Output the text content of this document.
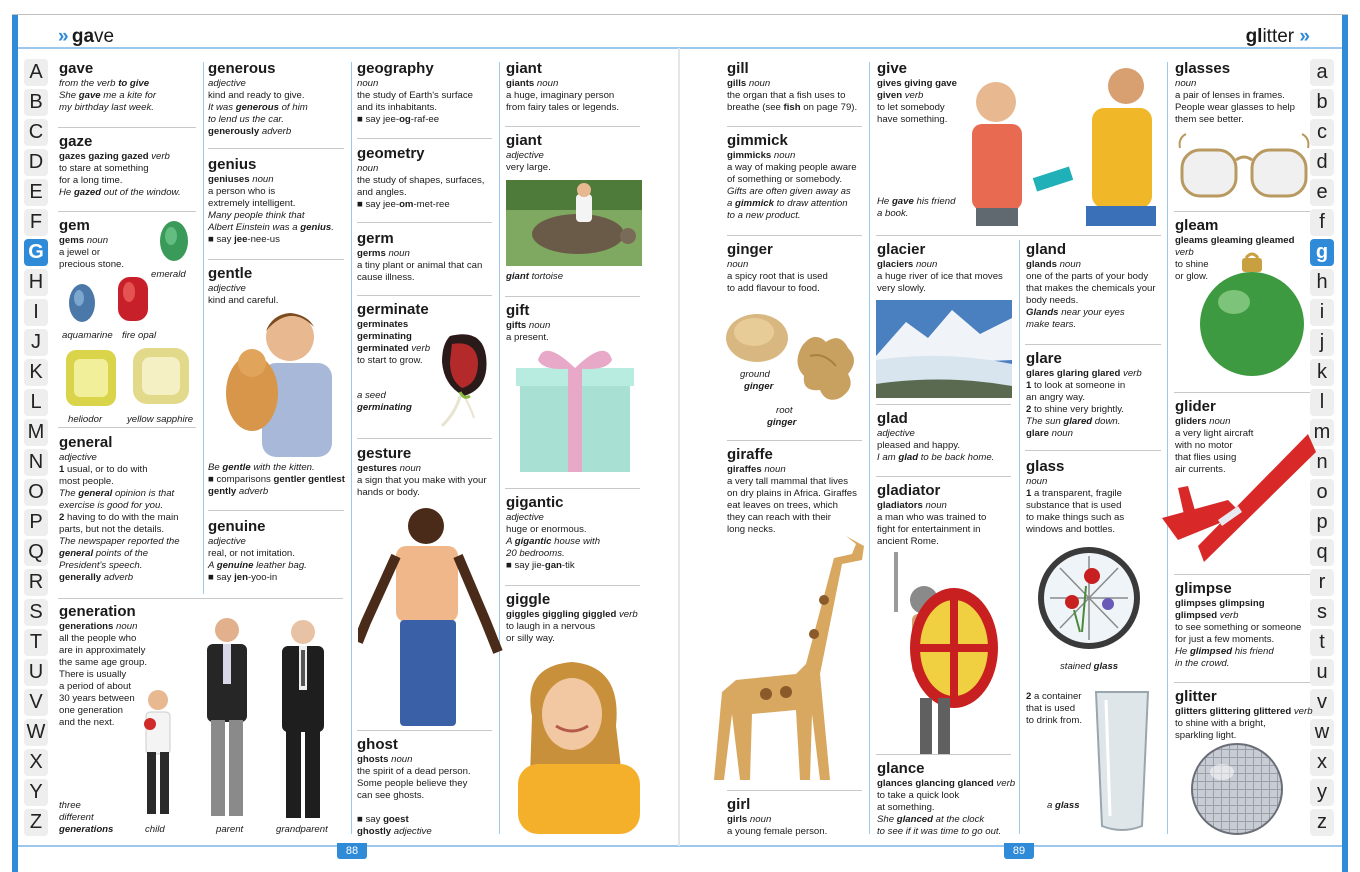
» gave	glitter »
A
B
C
D
E
F
G
H
I
J
K
L
M
N
O
P
Q
R
S
T
U
V
W
X
Y
Z
a
b
c
d
e
f
g
h
i
j
k
l
m
n
o
p
q
r
s
t
u
v
w
x
y
z
88	89
gave
from the verb to give
She gave me a kite for
my birthday last week.
gaze
gazes gazing gazed verb
to stare at something
for a long time.
He gazed out of the window.
gem
gems noun
a jewel or
precious stone.
emerald
aquamarine fire opal
heliodor	yellow sapphire
general
adjective
1 usual, or to do with
most people.
The general opinion is that
exercise is good for you.
2 having to do with the main
parts, but not the details.
The newspaper reported the
general points of the
President's speech.
generally adverb
generation
generations noun
all the people who
are in approximately
the same age group.
There is usually
a period of about
30 years between
one generation
and the next.
three
different
generations	child	parent	grandparent
generous
adjective
kind and ready to give.
It was generous of him
to lend us the car.
generously adverb
genius
geniuses noun
a person who is
extremely intelligent.
Many people think that
Albert Einstein was a genius.
■ say jee-nee-us
gentle
adjective
kind and careful.
Be gentle with the kitten.
■ comparisons gentler gentlest
gently adverb
genuine
adjective
real, or not imitation.
A genuine leather bag.
■ say jen-yoo-in
geography
noun
the study of Earth's surface
and its inhabitants.
■ say jee-og-raf-ee
geometry
noun
the study of shapes, surfaces,
and angles.
■ say jee-om-met-ree
germ
germs noun
a tiny plant or animal that can
cause illness.
germinate
germinates
germinating
germinated verb
to start to grow.
a seed
germinating
gesture
gestures noun
a sign that you make with your
hands or body.
ghost
ghosts noun
the spirit of a dead person.
Some people believe they
can see ghosts.

■ say goest
ghostly adjective
giant
giants noun
a huge, imaginary person
from fairy tales or legends.
giant
adjective
very large.
giant tortoise
gift
gifts noun
a present.
gigantic
adjective
huge or enormous.
A gigantic house with
20 bedrooms.
■ say jie-gan-tik
giggle
giggles giggling giggled verb
to laugh in a nervous
or silly way.
gill
gills noun
the organ that a fish uses to
breathe (see fish on page 79).
gimmick
gimmicks noun
a way of making people aware
of something or somebody.
Gifts are often given away as
a gimmick to draw attention
to a new product.
ginger
noun
a spicy root that is used
to add flavour to food.
ground
ginger
root
ginger
giraffe
giraffes noun
a very tall mammal that lives
on dry plains in Africa. Giraffes
eat leaves on trees, which
they can reach with their
long necks.
girl
girls noun
a young female person.
give
gives giving gave
given verb
to let somebody
have something.
He gave his friend
a book.
glacier
glaciers noun
a huge river of ice that moves
very slowly.
glad
adjective
pleased and happy.
I am glad to be back home.
gladiator
gladiators noun
a man who was trained to
fight for entertainment in
ancient Rome.
glance
glances glancing glanced verb
to take a quick look
at something.
She glanced at the clock
to see if it was time to go out.
gland
glands noun
one of the parts of your body
that makes the chemicals your
body needs.
Glands near your eyes
make tears.
glare
glares glaring glared verb
1 to look at someone in
an angry way.
2 to shine very brightly.
The sun glared down.
glare noun
glass
noun
1 a transparent, fragile
substance that is used
to make things such as
windows and bottles.
stained glass
2 a container
that is used
to drink from.
a glass
glasses
noun
a pair of lenses in frames.
People wear glasses to help
them see better.
gleam
gleams gleaming gleamed
verb
to shine
or glow.
glider
gliders noun
a very light aircraft
with no motor
that flies using
air currents.
glimpse
glimpses glimpsing
glimpsed verb
to see something or someone
for just a few moments.
He glimpsed his friend
in the crowd.
glitter
glitters glittering glittered verb
to shine with a bright,
sparkling light.
